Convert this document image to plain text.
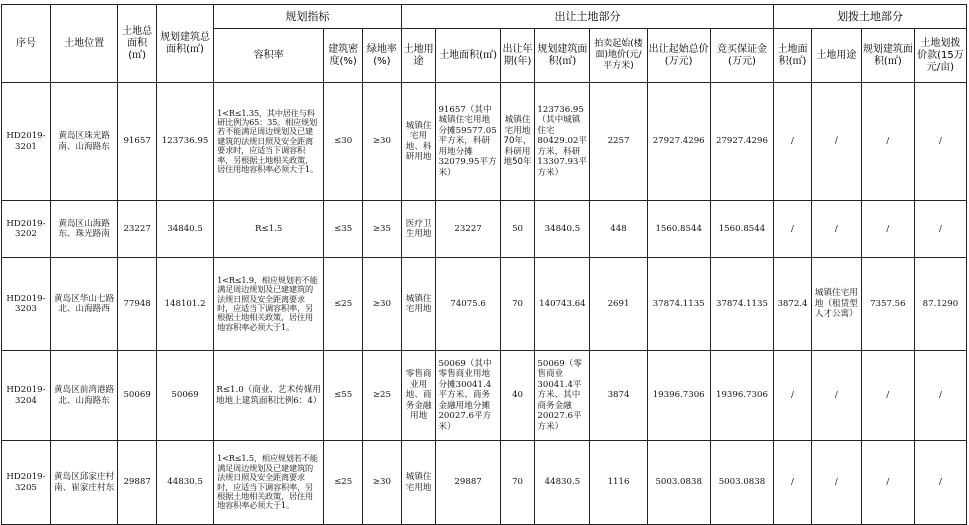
序号	土地位置	土地总面积(㎡)	规划建筑总面积(㎡)	规划指标			出让土地部分							划拨土地部分			
				容积率	建筑密度(%)	绿地率(%)	土地用途	土地面积(㎡)	出让年期(年)	规划建筑面积(㎡)	拍卖起始(楼面)地价(元/平方米)	出让起始总价(万元)	竞买保证金(万元)	土地面积(㎡)	土地用途	规划建筑面积(㎡)	土地划拨价款(15万元/亩)
HD2019-3201	黄岛区珠光路南、山海路东	91657	123736.95	1<R≤1.35，其中居住与科研比例为65：35。相应规划若不能满足周边规划及已建建筑的法规日照及安全距离要求时，应适当下调容积率，另根据土地相关政策，居住用地容积率必须大于1。	≤30	≥30	城镇住宅用地、科研用地	91657（其中城镇住宅用地分摊59577.05平方米，科研用地分摊32079.95平方米）	城镇住宅用地70年，科研用地50年	123736.95（其中城镇住宅80429.02平方米，科研13307.93平方米）	2257	27927.4296	27927.4296	/	/	/	/
HD2019-3202	黄岛区山海路东、珠光路南	23227	34840.5	R≤1.5	≤35	≥35	医疗卫生用地	23227	50	34840.5	448	1560.8544	1560.8544	/	/	/	/
HD2019-3203	黄岛区华山七路北、山海路西	77948	148101.2	1<R≤1.9，相应规划若不能满足周边规划及已建建筑的法规日照及安全距离要求时，应适当下调容积率，另根据土地相关政策，居住用地容积率必须大于1。	≤25	≥30	城镇住宅用地	74075.6	70	140743.64	2691	37874.1135	37874.1135	3872.4	城镇住宅用地（租赁型人才公寓）	7357.56	87.1290
HD2019-3204	黄岛区前湾港路北、山海路东	50069	50069	R≤1.0（商业、艺术传媒用地地上建筑面积比例6：4）	≤55	≥25	零售商业用地、商务金融用地	50069（其中零售商业用地分摊30041.4平方米、商务金融用地分摊20027.6平方米）	40	50069（零售商业30041.4平方米、其中商务金融20027.6平方米）	3874	19396.7306	19396.7306	/	/	/	/
HD2019-3205	黄岛区邱家庄村南、崔家庄村东	29887	44830.5	1<R≤1.5，相应规划若不能满足周边规划及已建建筑的法规日照及安全距离要求时，应适当下调容积率，另根据土地相关政策，居住用地容积率必须大于1。	≤25	≥30	城镇住宅用地	29887	70	44830.5	1116	5003.0838	5003.0838	/	/	/	/
